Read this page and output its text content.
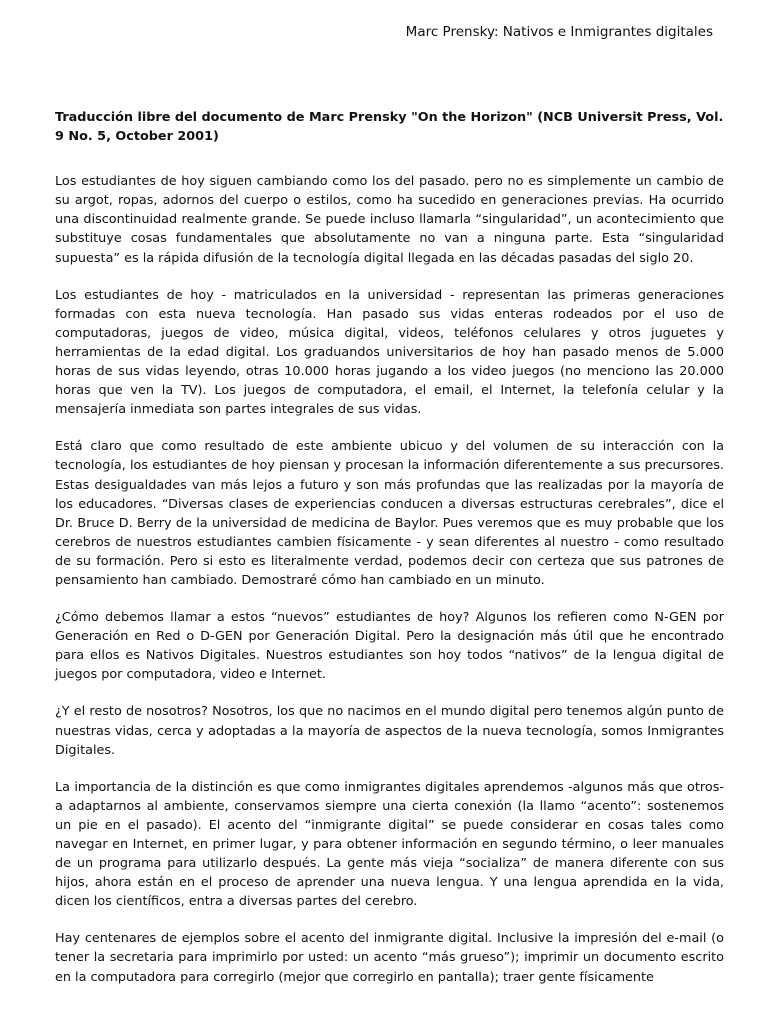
Marc Prensky: Nativos e Inmigrantes digitales

Traducción libre del documento de Marc Prensky "On the Horizon" (NCB Universit Press, Vol. 9 No. 5, October 2001)

Los estudiantes de hoy siguen cambiando como los del pasado. pero no es simplemente un cambio de su argot, ropas, adornos del cuerpo o estilos, como ha sucedido en generaciones previas. Ha ocurrido una discontinuidad realmente grande. Se puede incluso llamarla “singularidad”, un acontecimiento que substituye cosas fundamentales que absolutamente no van a ninguna parte. Esta “singularidad supuesta” es la rápida difusión de la tecnología digital llegada en las décadas pasadas del siglo 20.

Los estudiantes de hoy - matriculados en la universidad - representan las primeras generaciones formadas con esta nueva tecnología. Han pasado sus vidas enteras rodeados por el uso de computadoras, juegos de video, música digital, videos, teléfonos celulares y otros juguetes y herramientas de la edad digital. Los graduandos universitarios de hoy han pasado menos de 5.000 horas de sus vidas leyendo, otras 10.000 horas jugando a los video juegos (no menciono las 20.000 horas que ven la TV). Los juegos de computadora, el email, el Internet, la telefonía celular y la mensajería inmediata son partes integrales de sus vidas.

Está claro que como resultado de este ambiente ubicuo y del volumen de su interacción con la tecnología, los estudiantes de hoy piensan y procesan la información diferentemente a sus precursores. Estas desigualdades van más lejos a futuro y son más profundas que las realizadas por la mayoría de los educadores. “Diversas clases de experiencias conducen a diversas estructuras cerebrales”, dice el Dr. Bruce D. Berry de la universidad de medicina de Baylor. Pues veremos que es muy probable que los cerebros de nuestros estudiantes cambien físicamente - y sean diferentes al nuestro - como resultado de su formación. Pero si esto es literalmente verdad, podemos decir con certeza que sus patrones de pensamiento han cambiado. Demostraré cómo han cambiado en un minuto.

¿Cómo debemos llamar a estos “nuevos” estudiantes de hoy? Algunos los refieren como N-GEN por Generación en Red o D-GEN por Generación Digital. Pero la designación más útil que he encontrado para ellos es Nativos Digitales. Nuestros estudiantes son hoy todos “nativos” de la lengua digital de juegos por computadora, video e Internet.

¿Y el resto de nosotros? Nosotros, los que no nacimos en el mundo digital pero tenemos algún punto de nuestras vidas, cerca y adoptadas a la mayoría de aspectos de la nueva tecnología, somos Inmigrantes Digitales.

La importancia de la distinción es que como inmigrantes digitales aprendemos -algunos más que otros- a adaptarnos al ambiente, conservamos siempre una cierta conexión (la llamo “acento”: sostenemos un pie en el pasado). El acento del “inmigrante digital” se puede considerar en cosas tales como navegar en Internet, en primer lugar, y para obtener información en segundo término, o leer manuales de un programa para utilizarlo después. La gente más vieja “socializa” de manera diferente con sus hijos, ahora están en el proceso de aprender una nueva lengua. Y una lengua aprendida en la vida, dicen los científicos, entra a diversas partes del cerebro.

Hay centenares de ejemplos sobre el acento del inmigrante digital. Inclusive la impresión del e-mail (o tener la secretaria para imprimirlo por usted: un acento “más grueso”); imprimir un documento escrito en la computadora para corregirlo (mejor que corregirlo en pantalla); traer gente físicamente
